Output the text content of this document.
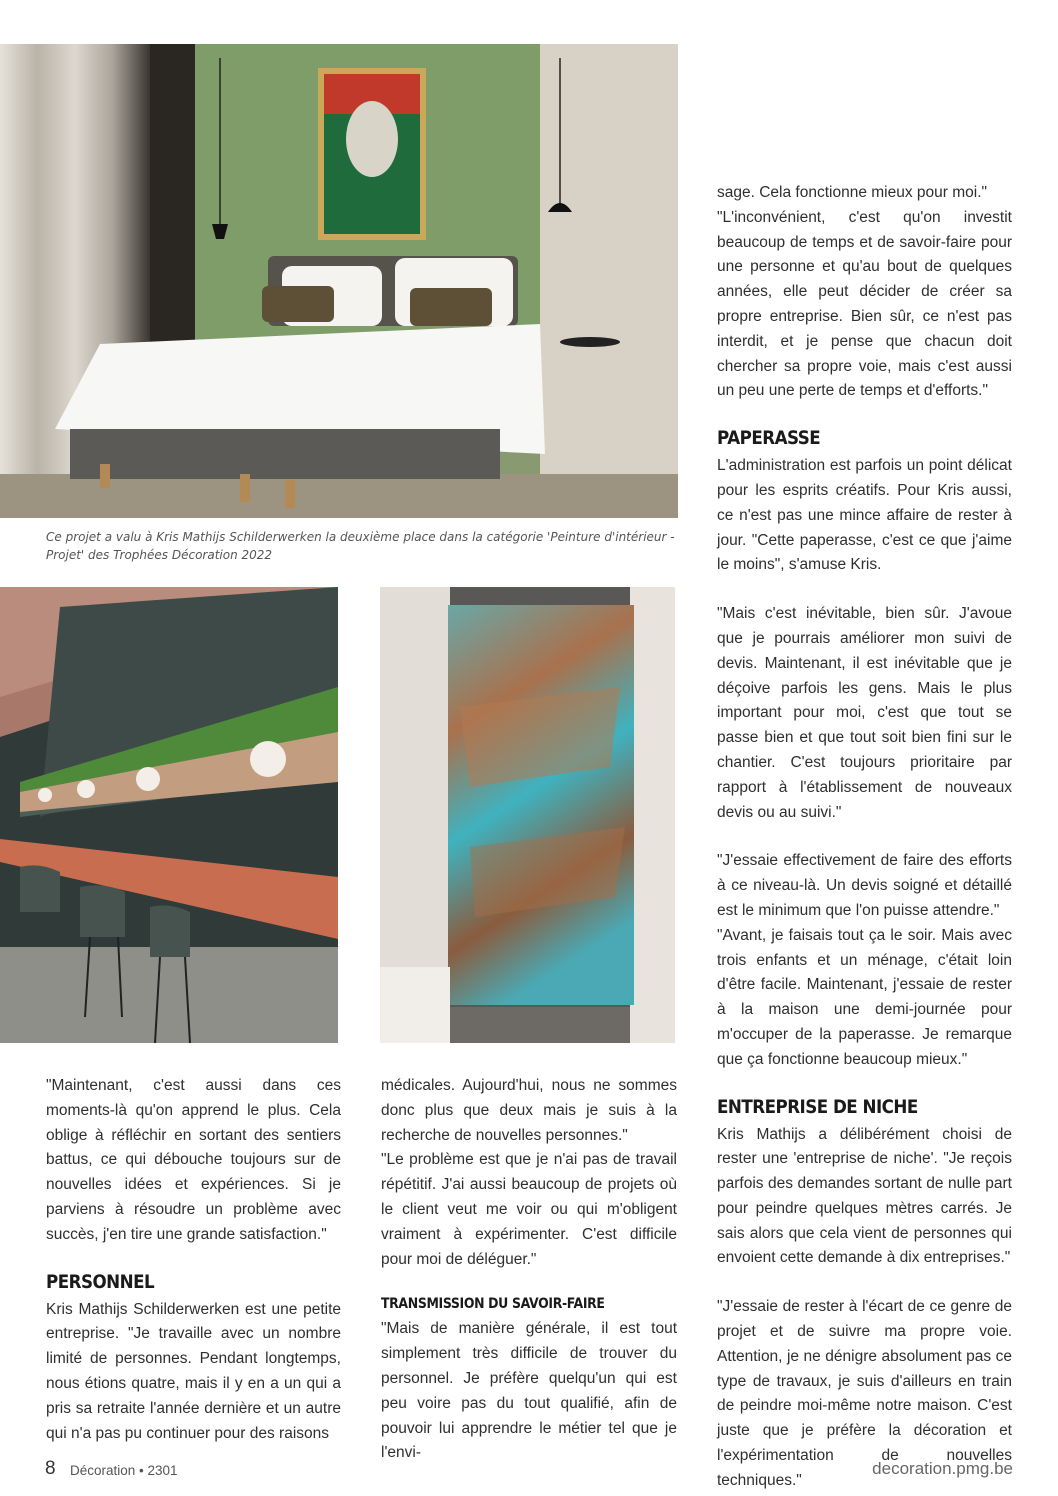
Ce projet a valu à Kris Mathijs Schilderwerken la deuxième place dans la catégorie 'Peinture d'intérieur - Projet' des Trophées Décoration 2022

sage. Cela fonctionne mieux pour moi."

"L'inconvénient, c'est qu'on investit beaucoup de temps et de savoir-faire pour une personne et qu'au bout de quelques années, elle peut décider de créer sa propre entreprise. Bien sûr, ce n'est pas interdit, et je pense que chacun doit chercher sa propre voie, mais c'est aussi un peu une perte de temps et d'efforts."

PAPERASSE

L'administration est parfois un point délicat pour les esprits créatifs. Pour Kris aussi, ce n'est pas une mince affaire de rester à jour. "Cette paperasse, c'est ce que j'aime le moins", s'amuse Kris.

"Mais c'est inévitable, bien sûr. J'avoue que je pourrais améliorer mon suivi de devis. Maintenant, il est inévitable que je déçoive parfois les gens. Mais le plus important pour moi, c'est que tout se passe bien et que tout soit bien fini sur le chantier. C'est toujours prioritaire par rapport à l'établissement de nouveaux devis ou au suivi."

"J'essaie effectivement de faire des efforts à ce niveau-là. Un devis soigné et détaillé est le minimum que l'on puisse attendre."

"Avant, je faisais tout ça le soir. Mais avec trois enfants et un ménage, c'était loin d'être facile. Maintenant, j'essaie de rester à la maison une demi-journée pour m'occuper de la paperasse. Je remarque que ça fonctionne beaucoup mieux."

ENTREPRISE DE NICHE

Kris Mathijs a délibérément choisi de rester une 'entreprise de niche'. "Je reçois parfois des demandes sortant de nulle part pour peindre quelques mètres carrés. Je sais alors que cela vient de personnes qui envoient cette demande à dix entreprises."

"J'essaie de rester à l'écart de ce genre de projet et de suivre ma propre voie. Attention, je ne dénigre absolument pas ce type de travaux, je suis d'ailleurs en train de peindre moi-même notre maison. C'est juste que je préfère la décoration et l'expérimentation de nouvelles techniques."

"Maintenant, c'est aussi dans ces moments-là qu'on apprend le plus. Cela oblige à réfléchir en sortant des sentiers battus, ce qui débouche toujours sur de nouvelles idées et expériences. Si je parviens à résoudre un problème avec succès, j'en tire une grande satisfaction."

PERSONNEL

Kris Mathijs Schilderwerken est une petite entreprise. "Je travaille avec un nombre limité de personnes. Pendant longtemps, nous étions quatre, mais il y en a un qui a pris sa retraite l'année dernière et un autre qui n'a pas pu continuer pour des raisons

médicales. Aujourd'hui, nous ne sommes donc plus que deux mais je suis à la recherche de nouvelles personnes."

"Le problème est que je n'ai pas de travail répétitif. J'ai aussi beaucoup de projets où le client veut me voir ou qui m'obligent vraiment à expérimenter. C'est difficile pour moi de déléguer."

TRANSMISSION DU SAVOIR-FAIRE

"Mais de manière générale, il est tout simplement très difficile de trouver du personnel. Je préfère quelqu'un qui est peu voire pas du tout qualifié, afin de pouvoir lui apprendre le métier tel que je l'envi-

8 Décoration • 2301	decoration.pmg.be
